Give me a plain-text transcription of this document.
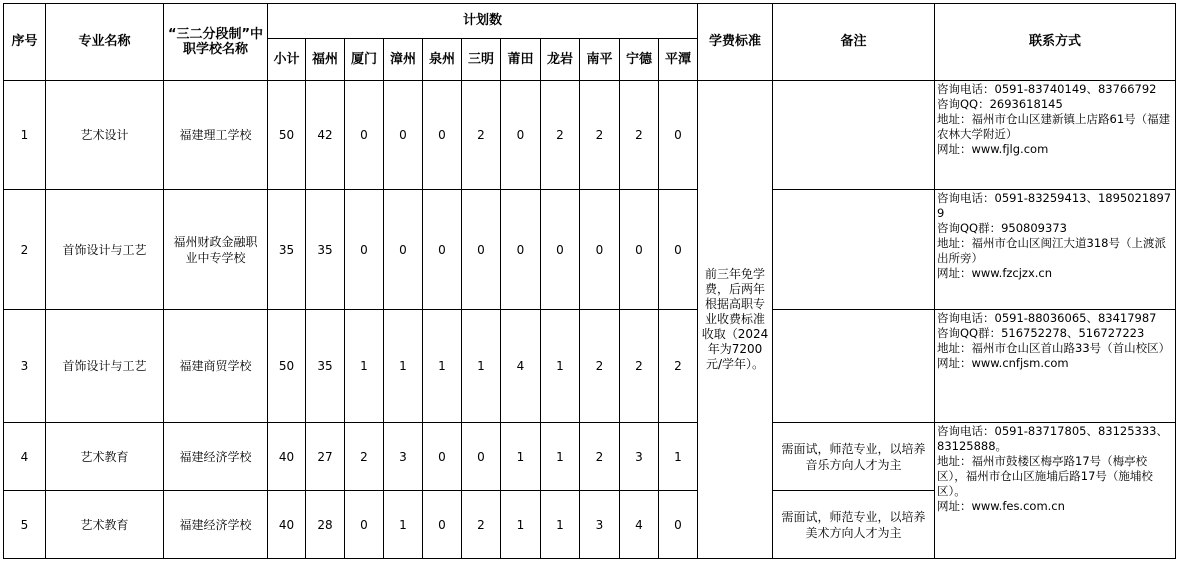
序号	专业名称	“三二分段制”中职学校名称	计划数											学费标准	备注	联系方式
			小计	福州	厦门	漳州	泉州	三明	莆田	龙岩	南平	宁德	平潭			
1	艺术设计	福建理工学校	50	42	0	0	0	2	0	2	2	2	0	前三年免学费，后两年根据高职专业收费标准收取（2024年为7200元/学年）。		咨询电话：0591-83740149、83766792
咨询QQ：2693618145
地址：福州市仓山区建新镇上店路61号（福建农林大学附近）
网址：www.fjlg.com

2	首饰设计与工艺	福州财政金融职业中专学校	35	35	0	0	0	0	0	0	0	0	0			咨询电话：0591-83259413、18950218979
咨询QQ群：950809373
地址：福州市仓山区闽江大道318号（上渡派出所旁）
网址：www.fzcjzx.cn

3	首饰设计与工艺	福建商贸学校	50	35	1	1	1	1	4	1	2	2	2			咨询电话：0591-88036065、83417987
咨询QQ群：516752278、516727223
地址：福州市仓山区首山路33号（首山校区）
网址：www.cnfjsm.com

4	艺术教育	福建经济学校	40	27	2	3	0	0	1	1	2	3	1		需面试，师范专业，以培养音乐方向人才为主	咨询电话：0591-83717805、83125333、83125888。
地址：福州市鼓楼区梅亭路17号（梅亭校区），福州市仓山区施埔后路17号（施埔校区）。
网址：www.fes.com.cn

5	艺术教育	福建经济学校	40	28	0	1	0	2	1	1	3	4	0		需面试，师范专业，以培养美术方向人才为主	
